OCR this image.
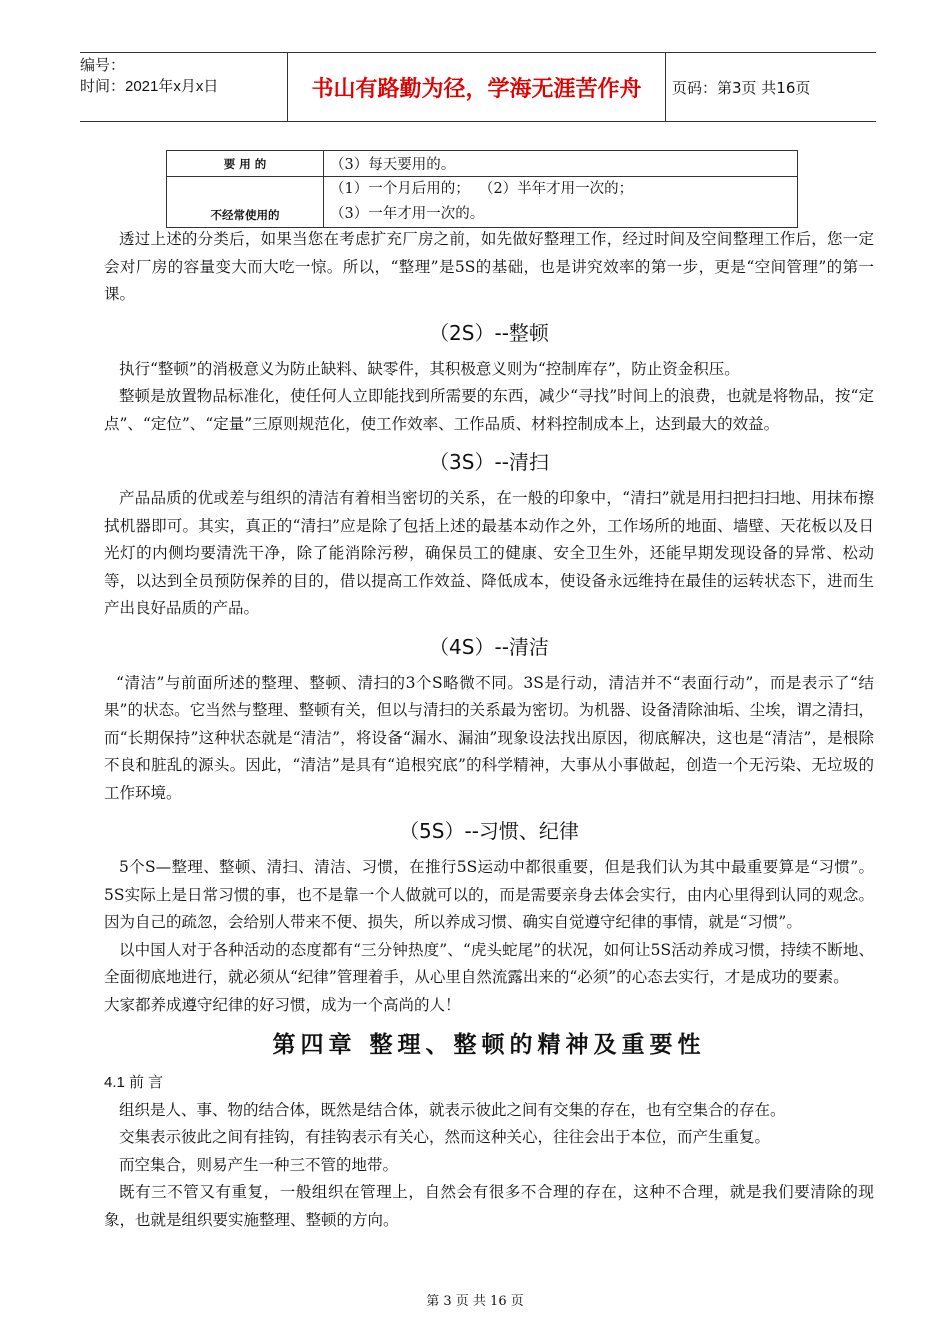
编号：
时间：2021年x月x日	书山有路勤为径，学海无涯苦作舟	页码：第3页 共16页
要 用 的	（3）每天要用的。
不经常使用的	（1）一个月后用的；  （2）半年才用一次的；
（3）一年才用一次的。

透过上述的分类后，如果当您在考虑扩充厂房之前，如先做好整理工作，经过时间及空间整理工作后，您一定会对厂房的容量变大而大吃一惊。所以，“整理”是5S的基础，也是讲究效率的第一步，更是“空间管理”的第一课。

（2S）--整顿

执行“整顿”的消极意义为防止缺料、缺零件，其积极意义则为“控制库存”，防止资金积压。

整顿是放置物品标准化，使任何人立即能找到所需要的东西，减少“寻找”时间上的浪费，也就是将物品，按“定点”、“定位”、“定量”三原则规范化，使工作效率、工作品质、材料控制成本上，达到最大的效益。

（3S）--清扫

产品品质的优或差与组织的清洁有着相当密切的关系，在一般的印象中，“清扫”就是用扫把扫扫地、用抹布擦拭机器即可。其实，真正的“清扫”应是除了包括上述的最基本动作之外，工作场所的地面、墙壁、天花板以及日光灯的内侧均要清洗干净，除了能消除污秽，确保员工的健康、安全卫生外，还能早期发现设备的异常、松动等，以达到全员预防保养的目的，借以提高工作效益、降低成本，使设备永远维持在最佳的运转状态下，进而生产出良好品质的产品。

（4S）--清洁

“清洁”与前面所述的整理、整顿、清扫的3个S略微不同。3S是行动，清洁并不“表面行动”，而是表示了“结果”的状态。它当然与整理、整顿有关，但以与清扫的关系最为密切。为机器、设备清除油垢、尘埃，谓之清扫，而“长期保持”这种状态就是“清洁”，将设备“漏水、漏油”现象设法找出原因，彻底解决，这也是“清洁”，是根除不良和脏乱的源头。因此，“清洁”是具有“追根究底”的科学精神，大事从小事做起，创造一个无污染、无垃圾的工作环境。

（5S）--习惯、纪律

5个S—整理、整顿、清扫、清洁、习惯，在推行5S运动中都很重要，但是我们认为其中最重要算是“习惯”。5S实际上是日常习惯的事，也不是靠一个人做就可以的，而是需要亲身去体会实行，由内心里得到认同的观念。因为自己的疏忽，会给别人带来不便、损失，所以养成习惯、确实自觉遵守纪律的事情，就是“习惯”。

以中国人对于各种活动的态度都有“三分钟热度”、“虎头蛇尾”的状况，如何让5S活动养成习惯，持续不断地、全面彻底地进行，就必须从“纪律”管理着手，从心里自然流露出来的“必须”的心态去实行，才是成功的要素。

大家都养成遵守纪律的好习惯，成为一个高尚的人！

第四章 整理、整顿的精神及重要性

4.1 前 言

组织是人、事、物的结合体，既然是结合体，就表示彼此之间有交集的存在，也有空集合的存在。

交集表示彼此之间有挂钩，有挂钩表示有关心，然而这种关心，往往会出于本位，而产生重复。

而空集合，则易产生一种三不管的地带。

既有三不管又有重复，一般组织在管理上，自然会有很多不合理的存在，这种不合理，就是我们要清除的现象，也就是组织要实施整理、整顿的方向。

第 3 页 共 16 页
